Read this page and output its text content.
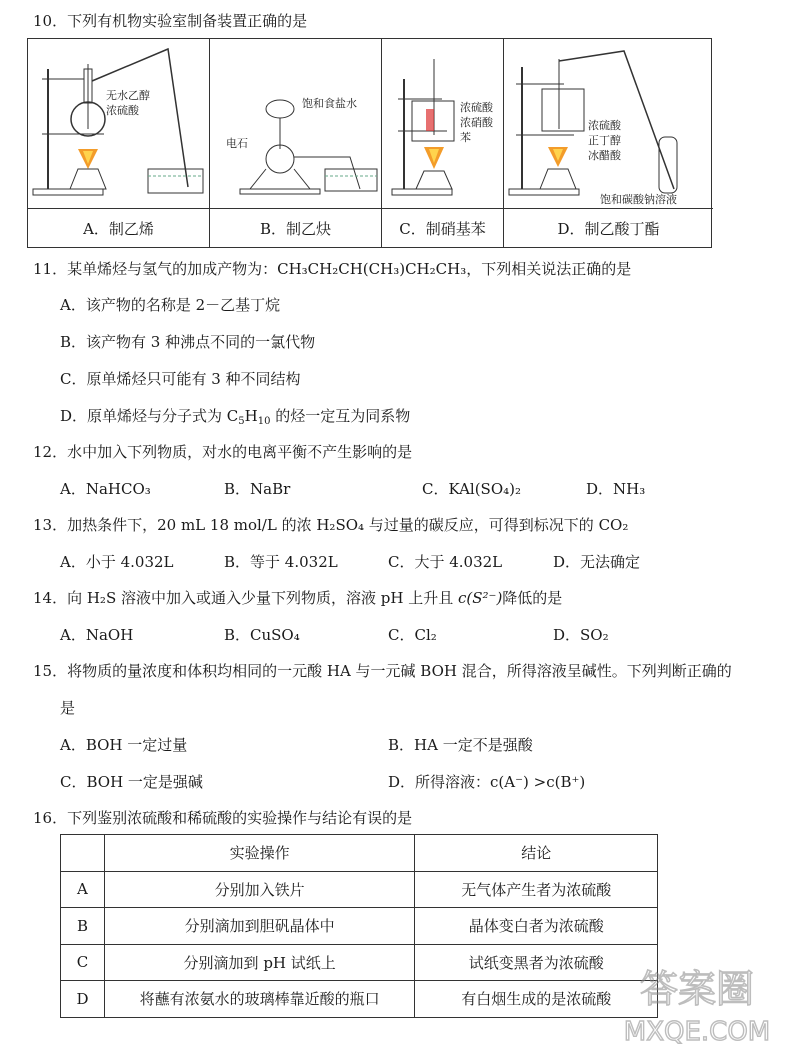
10．下列有机物实验室制备装置正确的是
无水乙醇
浓硫酸
A．制乙烯
饱和食盐水
电石
B．制乙炔
浓硫酸
浓硝酸
苯
C．制硝基苯
浓硫酸
正丁醇
冰醋酸
饱和碳酸钠溶液
D．制乙酸丁酯
11．某单烯烃与氢气的加成产物为：CH₃CH₂CH(CH₃)CH₂CH₃，下列相关说法正确的是
A．该产物的名称是 2－乙基丁烷
B．该产物有 3 种沸点不同的一氯代物
C．原单烯烃只可能有 3 种不同结构
D．原单烯烃与分子式为 $C_5H_{10}$ 的烃一定互为同系物
12．水中加入下列物质，对水的电离平衡不产生影响的是
A．NaHCO₃	B．NaBr	C．KAl(SO₄)₂	D．NH₃
13．加热条件下，20 mL 18 mol/L 的浓 H₂SO₄ 与过量的碳反应，可得到标况下的 CO₂
A．小于 4.032L	B．等于 4.032L	C．大于 4.032L	D．无法确定
14．向 H₂S 溶液中加入或通入少量下列物质，溶液 pH 上升且 c(S²⁻)降低的是
A．NaOH	B．CuSO₄	C．Cl₂	D．SO₂
15．将物质的量浓度和体积均相同的一元酸 HA 与一元碱 BOH 混合，所得溶液呈碱性。下列判断正确的
是
A．BOH 一定过量	B．HA 一定不是强酸
C．BOH 一定是强碱	D．所得溶液：c(A⁻) >c(B⁺)
16．下列鉴别浓硫酸和稀硫酸的实验操作与结论有误的是
	实验操作	结论
A	分别加入铁片	无气体产生者为浓硫酸
B	分别滴加到胆矾晶体中	晶体变白者为浓硫酸
C	分别滴加到 pH 试纸上	试纸变黑者为浓硫酸
D	将蘸有浓氨水的玻璃棒靠近酸的瓶口	有白烟生成的是浓硫酸 答案圈
MXQE.COM
